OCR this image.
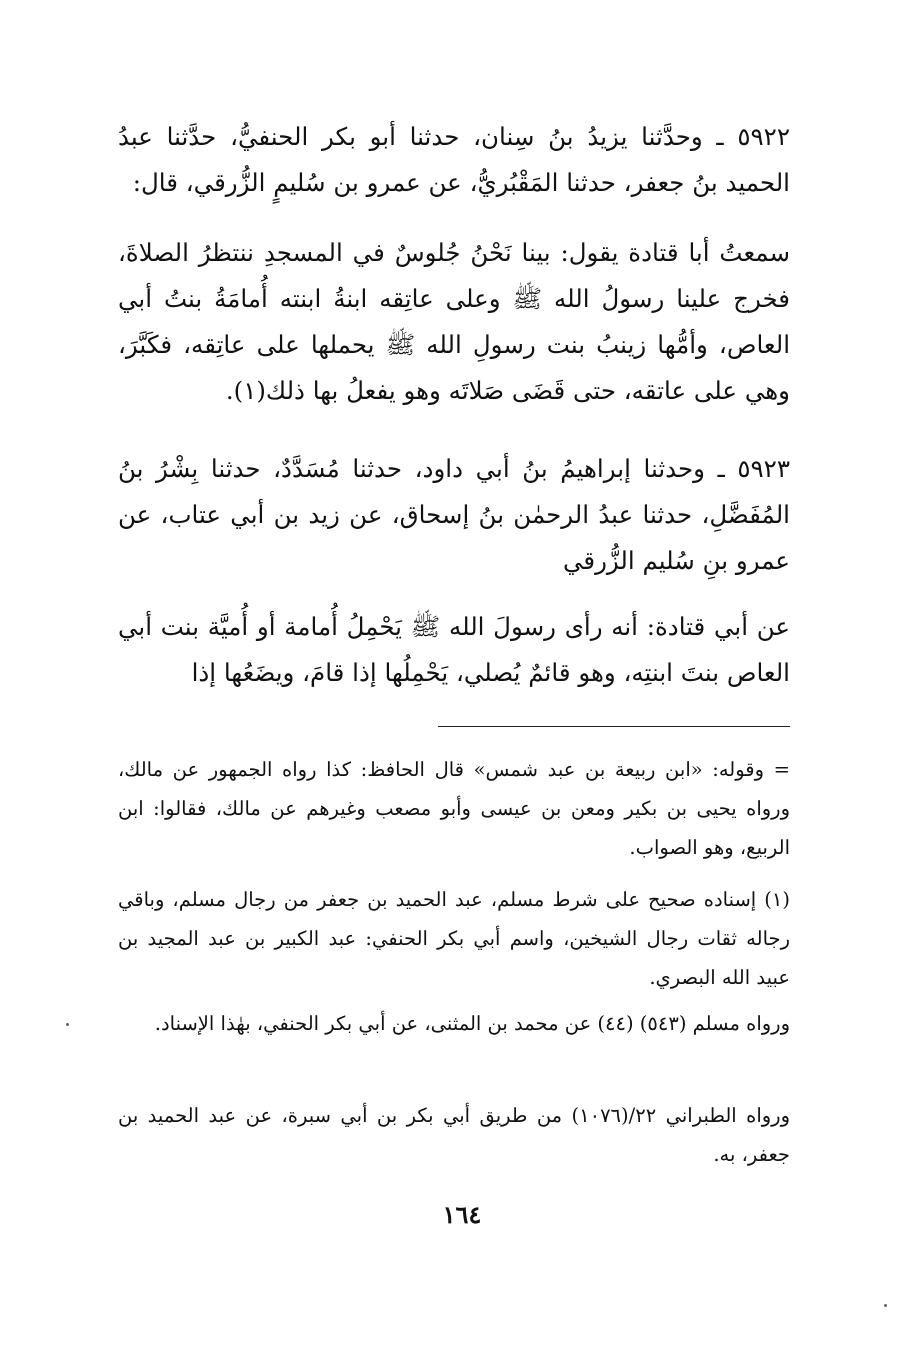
٥٩٢٢ ـ وحدَّثنا يزيدُ بنُ سِنان، حدثنا أبو بكر الحنفيُّ، حدَّثنا عبدُ الحميد بنُ جعفر، حدثنا المَقْبُريُّ، عن عمرو بن سُليمٍ الزُّرقي، قال:

سمعتُ أبا قتادة يقول: بينا نَحْنُ جُلوسٌ في المسجدِ ننتظرُ الصلاةَ، فخرج علينا رسولُ الله ﷺ وعلى عاتِقه ابنةُ ابنته أُمامَةُ بنتُ أبي العاص، وأمُّها زينبُ بنت رسولِ الله ﷺ يحملها على عاتِقه، فكَبَّرَ، وهي على عاتقه، حتى قَضَى صَلاتَه وهو يفعلُ بها ذلك(١).

٥٩٢٣ ـ وحدثنا إبراهيمُ بنُ أبي داود، حدثنا مُسَدَّدٌ، حدثنا بِشْرُ بنُ المُفَضَّلِ، حدثنا عبدُ الرحمٰن بنُ إسحاق، عن زيد بن أبي عتاب، عن عمرو بنِ سُليم الزُّرقي

عن أبي قتادة: أنه رأى رسولَ الله ﷺ يَحْمِلُ أُمامة أو أُميَّة بنت أبي العاص بنتَ ابنتِه، وهو قائمٌ يُصلي، يَحْمِلُها إذا قامَ، ويضَعُها إذا

= وقوله: «ابن ربيعة بن عبد شمس» قال الحافظ: كذا رواه الجمهور عن مالك، ورواه يحيى بن بكير ومعن بن عيسى وأبو مصعب وغيرهم عن مالك، فقالوا: ابن الربيع، وهو الصواب.

(١) إسناده صحيح على شرط مسلم، عبد الحميد بن جعفر من رجال مسلم، وباقي رجاله ثقات رجال الشيخين، واسم أبي بكر الحنفي: عبد الكبير بن عبد المجيد بن عبيد الله البصري.

ورواه مسلم (٥٤٣) (٤٤) عن محمد بن المثنى، عن أبي بكر الحنفي، بهٰذا الإسناد.

ورواه الطبراني ٢٢/(١٠٧٦) من طريق أبي بكر بن أبي سبرة، عن عبد الحميد بن جعفر، به.

١٦٤
